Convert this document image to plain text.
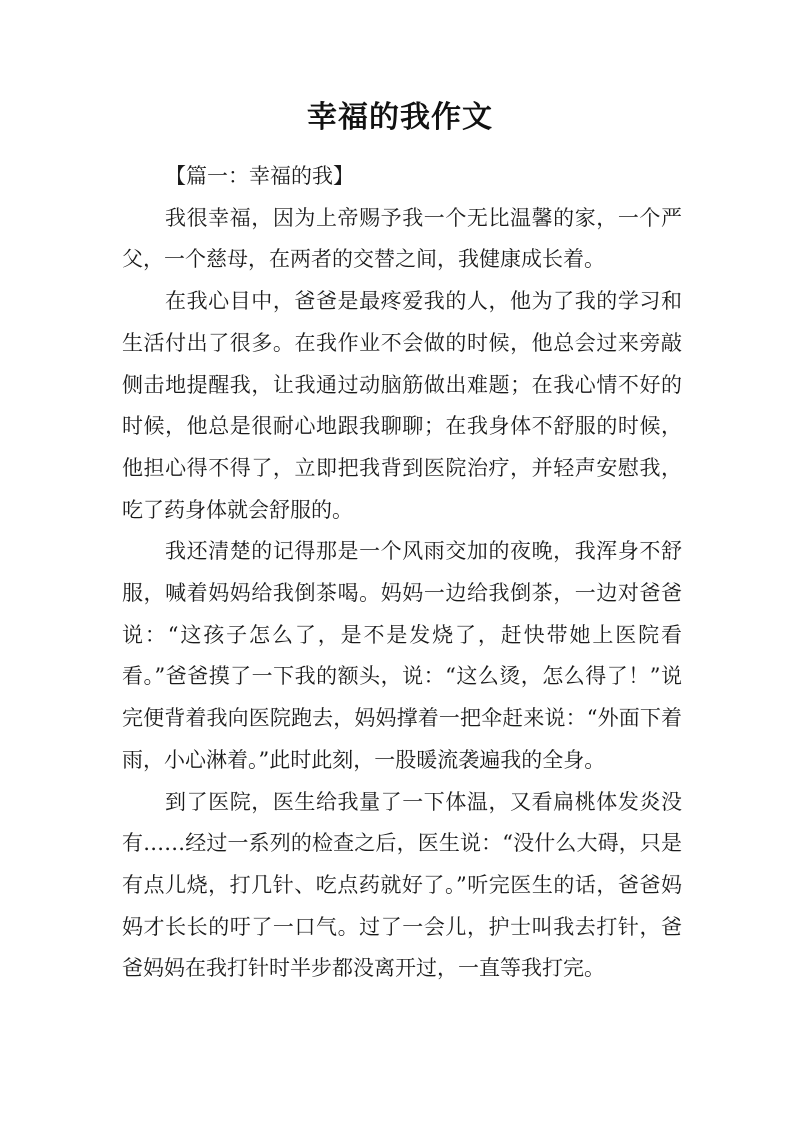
幸福的我作文

【篇一：幸福的我】

我很幸福，因为上帝赐予我一个无比温馨的家，一个严父，一个慈母，在两者的交替之间，我健康成长着。

在我心目中，爸爸是最疼爱我的人，他为了我的学习和生活付出了很多。在我作业不会做的时候，他总会过来旁敲侧击地提醒我，让我通过动脑筋做出难题；在我心情不好的时候，他总是很耐心地跟我聊聊；在我身体不舒服的时候，他担心得不得了，立即把我背到医院治疗，并轻声安慰我，吃了药身体就会舒服的。

我还清楚的记得那是一个风雨交加的夜晚，我浑身不舒服，喊着妈妈给我倒茶喝。妈妈一边给我倒茶，一边对爸爸说：“这孩子怎么了，是不是发烧了，赶快带她上医院看看。”爸爸摸了一下我的额头，说：“这么烫，怎么得了！”说完便背着我向医院跑去，妈妈撑着一把伞赶来说：“外面下着雨，小心淋着。”此时此刻，一股暖流袭遍我的全身。

到了医院，医生给我量了一下体温，又看扁桃体发炎没有……经过一系列的检查之后，医生说：“没什么大碍，只是有点儿烧，打几针、吃点药就好了。”听完医生的话，爸爸妈妈才长长的吁了一口气。过了一会儿，护士叫我去打针，爸爸妈妈在我打针时半步都没离开过，一直等我打完。
